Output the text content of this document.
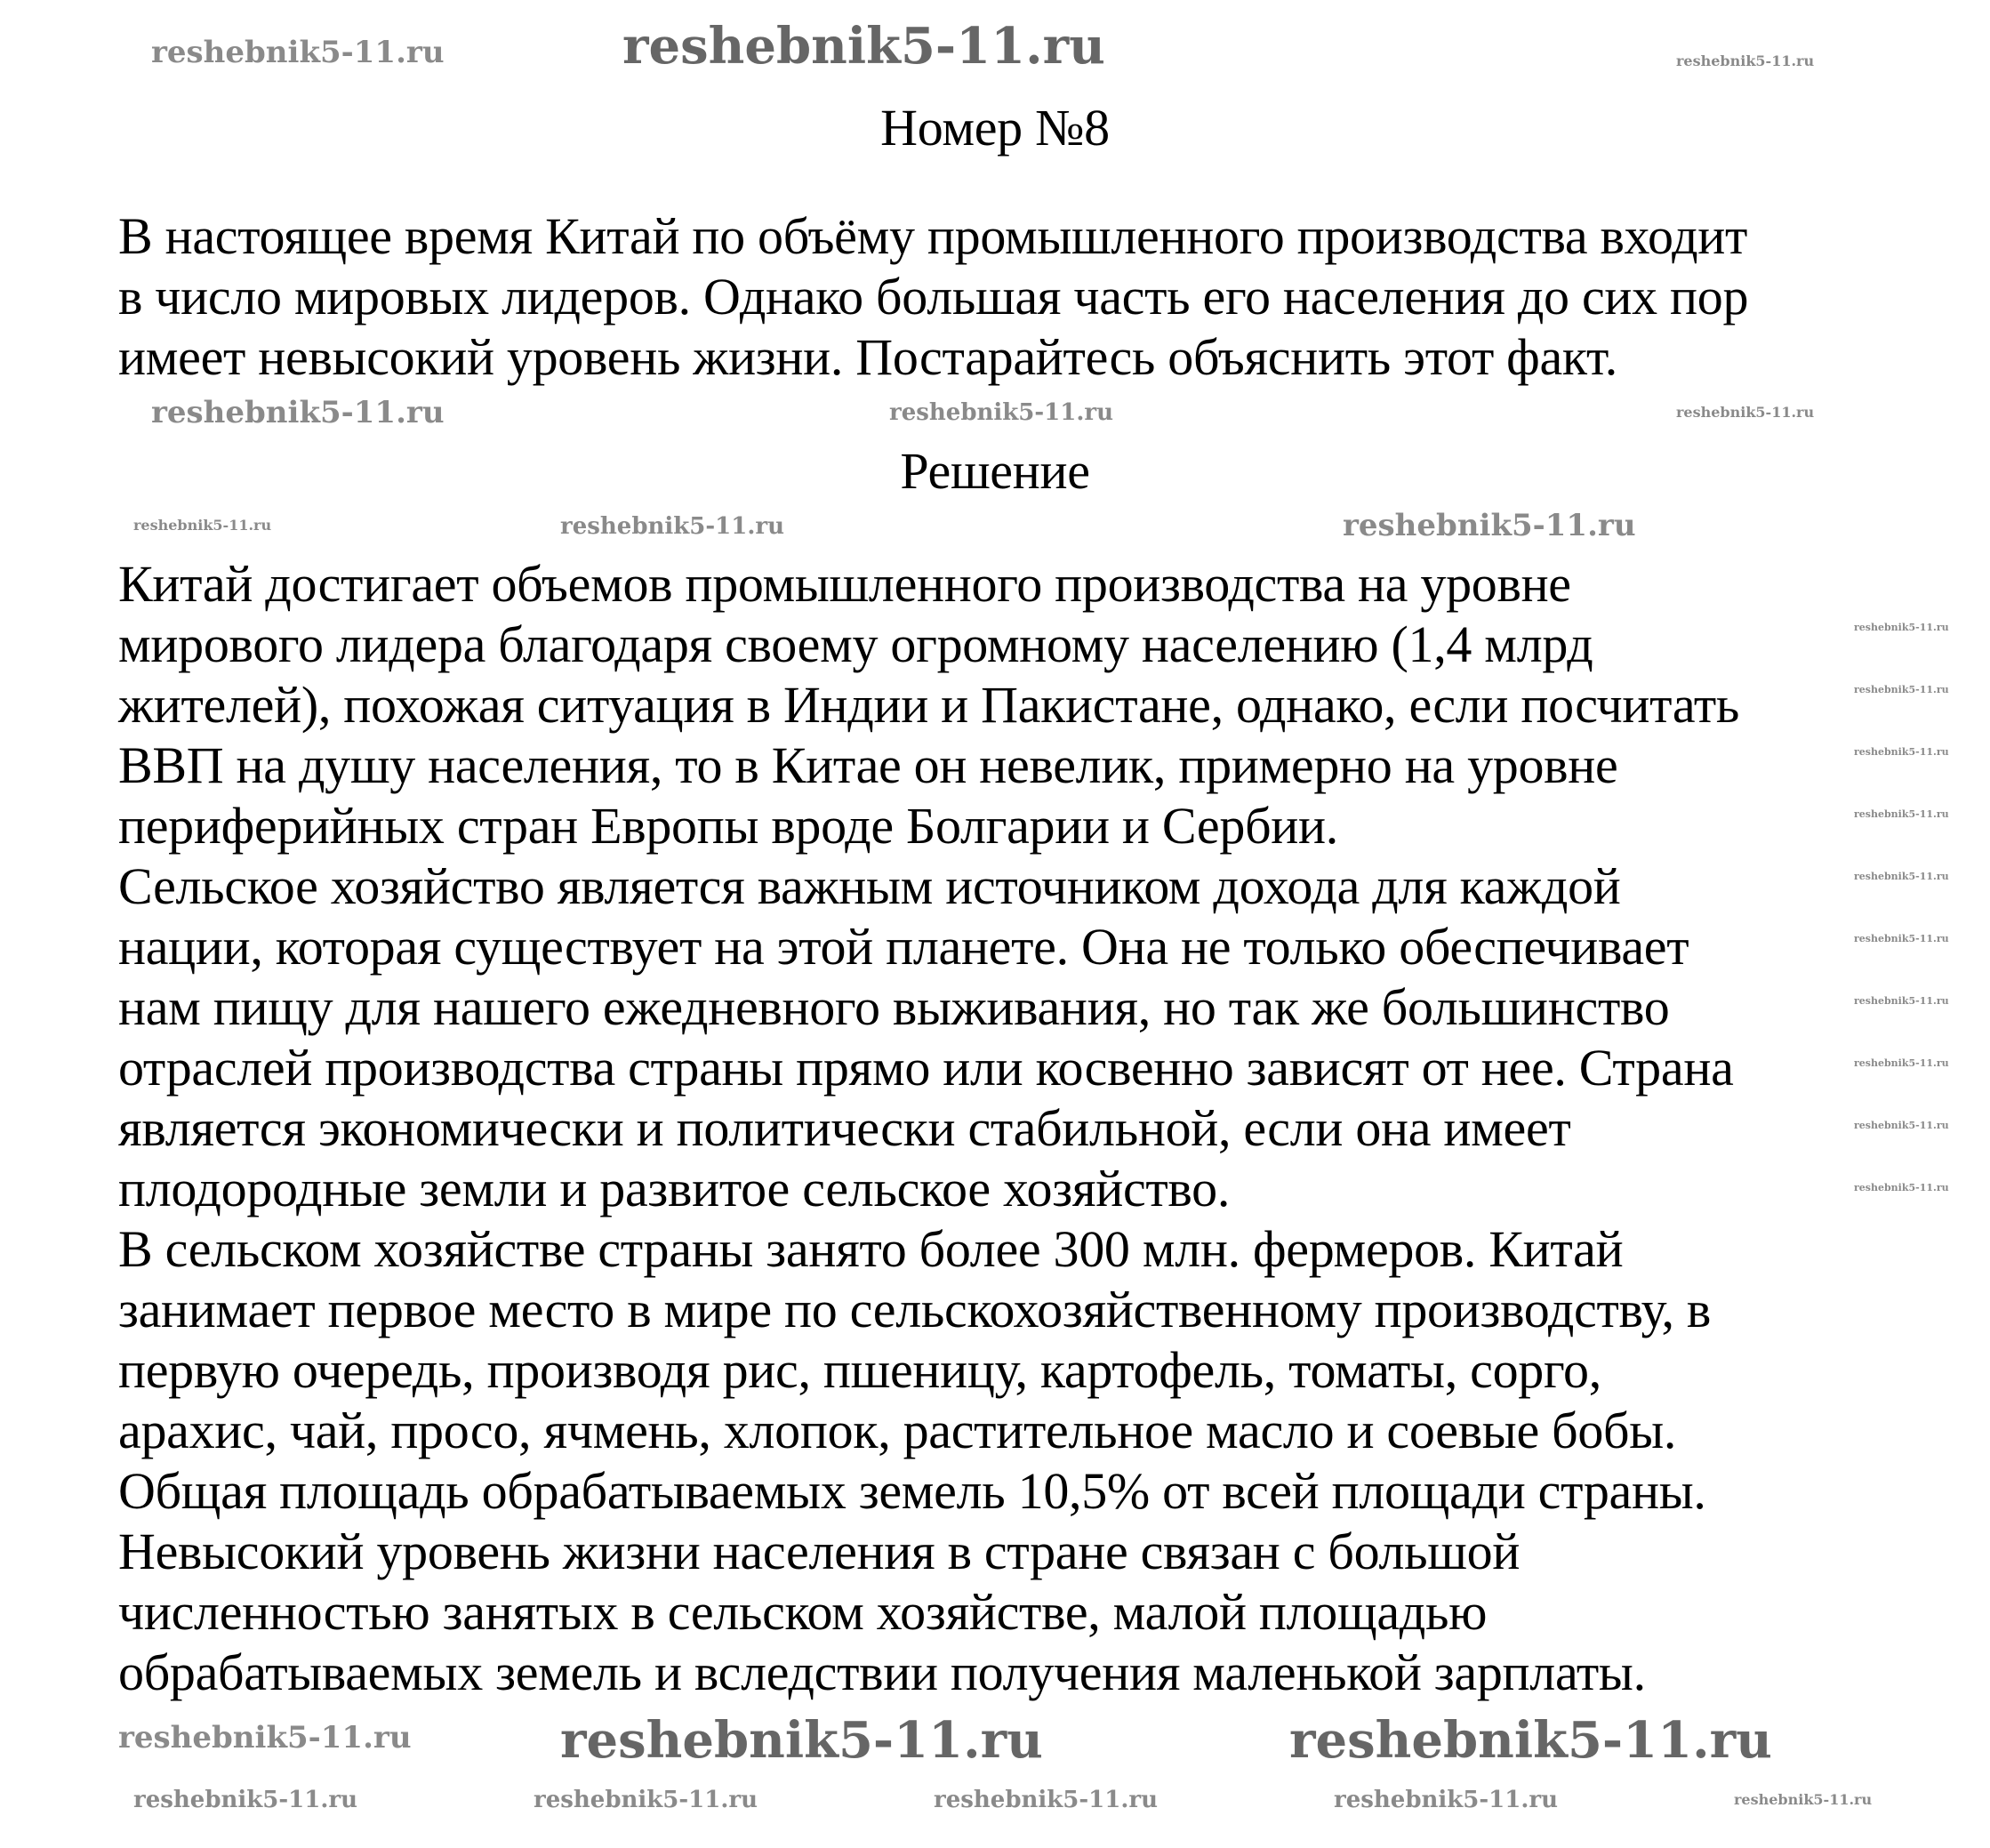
Номер №8
В настоящее время Китай по объёму промышленного производства входит
в число мировых лидеров. Однако большая часть его населения до сих пор
имеет невысокий уровень жизни. Постарайтесь объяснить этот факт.
Решение
Китай достигает объемов промышленного производства на уровне
мирового лидера благодаря своему огромному населению (1,4 млрд
жителей), похожая ситуация в Индии и Пакистане, однако, если посчитать
ВВП на душу населения, то в Китае он невелик, примерно на уровне
периферийных стран Европы вроде Болгарии и Сербии.
Сельское хозяйство является важным источником дохода для каждой
нации, которая существует на этой планете. Она не только обеспечивает
нам пищу для нашего ежедневного выживания, но так же большинство
отраслей производства страны прямо или косвенно зависят от нее. Страна
является экономически и политически стабильной, если она имеет
плодородные земли и развитое сельское хозяйство.
В сельском хозяйстве страны занято более 300 млн. фермеров. Китай
занимает первое место в мире по сельскохозяйственному производству, в
первую очередь, производя рис, пшеницу, картофель, томаты, сорго,
арахис, чай, просо, ячмень, хлопок, растительное масло и соевые бобы.
Общая площадь обрабатываемых земель 10,5% от всей площади страны.
Невысокий уровень жизни населения в стране связан с большой
численностью занятых в сельском хозяйстве, малой площадью
обрабатываемых земель и вследствии получения маленькой зарплаты.
reshebnik5-11.ru
reshebnik5-11.ru	reshebnik5-11.ru
reshebnik5-11.ru	reshebnik5-11.ru	reshebnik5-11.ru
reshebnik5-11.ru	reshebnik5-11.ru	reshebnik5-11.ru
reshebnik5-11.ru
reshebnik5-11.ru
reshebnik5-11.ru
reshebnik5-11.ru
reshebnik5-11.ru
reshebnik5-11.ru
reshebnik5-11.ru
reshebnik5-11.ru
reshebnik5-11.ru
reshebnik5-11.ru
reshebnik5-11.ru	reshebnik5-11.ru	reshebnik5-11.ru
reshebnik5-11.ru	reshebnik5-11.ru	reshebnik5-11.ru	reshebnik5-11.ru	reshebnik5-11.ru
